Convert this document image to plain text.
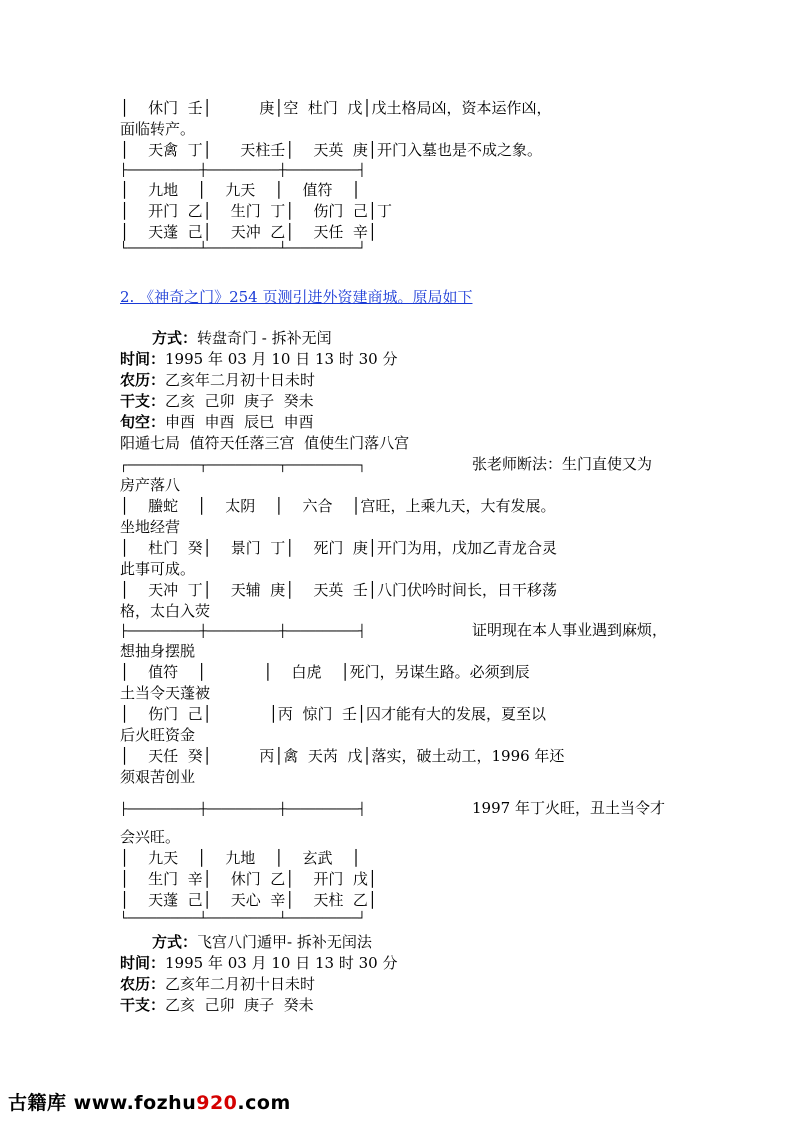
│    休门  壬│          庚│空  杜门  戊│戊土格局凶，资本运作凶，

面临转产。

│    天禽  丁│      天柱壬│    天英  庚│开门入墓也是不成之象。

├──────────┼──────────┼──────────┤

│    九地    │    九天    │    值符    │

│    开门  乙│    生门  丁│    伤门  己│丁

│    天蓬  己│    天冲  乙│    天任  辛│

└──────────┴──────────┴──────────┘
2. 《神奇之门》254 页测引进外资建商城。原局如下

方式：转盘奇门 - 拆补无闰

时间：1995 年 03 月 10 日 13 时 30 分

农历：乙亥年二月初十日未时

干支：乙亥  己卯  庚子  癸未

旬空：申酉  申酉  辰巳  申酉

阳遁七局  值符天任落三宫  值使生门落八宫

┌──────────┬──────────┬──────────┐	张老师断法：生门直使又为

房产落八

│    螣蛇    │    太阴    │    六合    │宫旺，上乘九天，大有发展。

坐地经营

│    杜门  癸│    景门  丁│    死门  庚│开门为用，戊加乙青龙合灵

此事可成。

│    天冲  丁│    天辅  庚│    天英  壬│八门伏吟时间长，日干移荡

格，太白入荧

├──────────┼──────────┼──────────┤	证明现在本人事业遇到麻烦，

想抽身摆脱

│    值符    │            │    白虎    │死门，另谋生路。必须到辰

土当令天蓬被

│    伤门  己│            │丙  惊门  壬│囚才能有大的发展，夏至以

后火旺资金

│    天任  癸│          丙│禽  天芮  戊│落实，破土动工，1996 年还

须艰苦创业

├──────────┼──────────┼──────────┤	1997 年丁火旺，丑土当令才

会兴旺。

│    九天    │    九地    │    玄武    │

│    生门  辛│    休门  乙│    开门  戊│

│    天蓬  己│    天心  辛│    天柱  乙│

└──────────┴──────────┴──────────┘

方式：飞宫八门遁甲- 拆补无闰法

时间：1995 年 03 月 10 日 13 时 30 分

农历：乙亥年二月初十日未时

干支：乙亥  己卯  庚子  癸未

古籍库 www.fozhu920.com
